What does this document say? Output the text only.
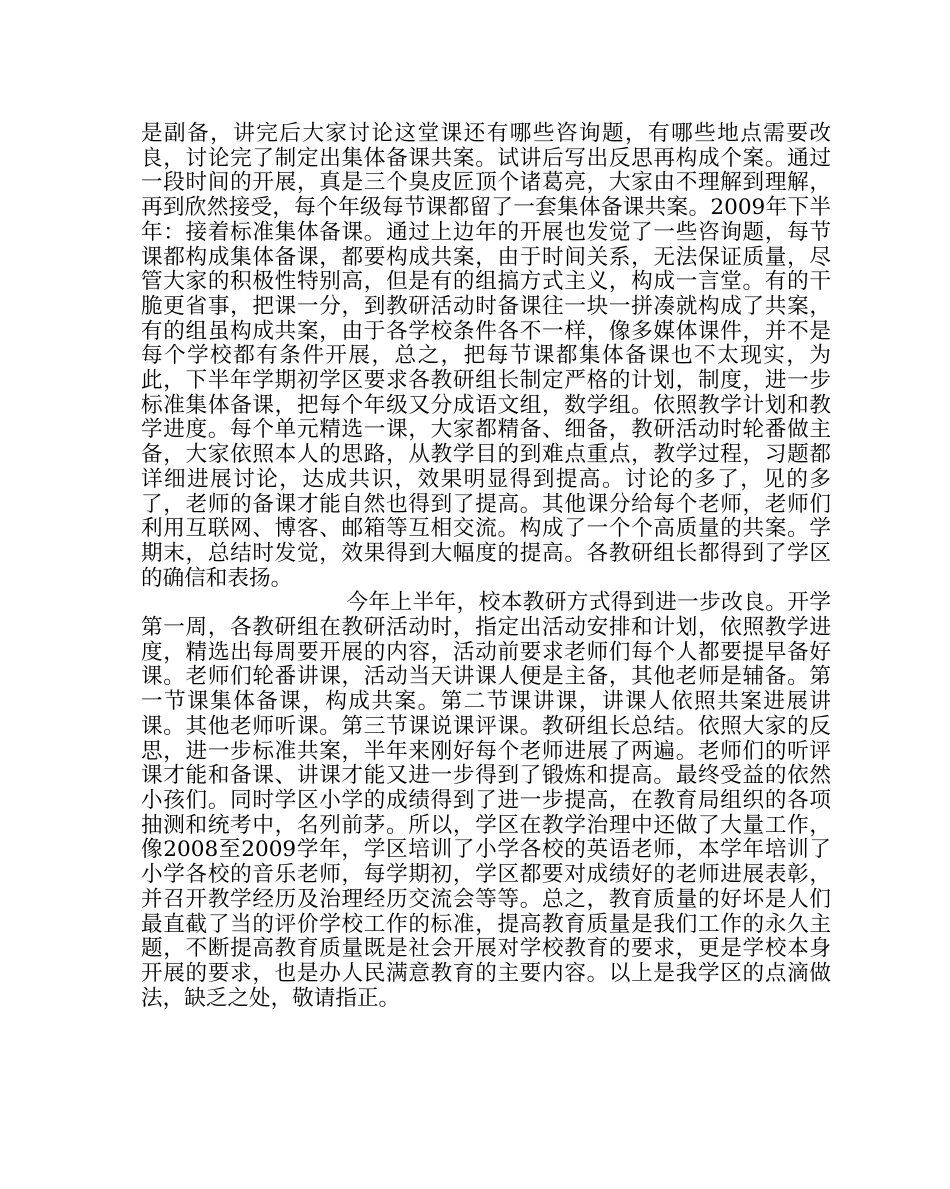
是副备，讲完后大家讨论这堂课还有哪些咨询题，有哪些地点需要改良，讨论完了制定出集体备课共案。试讲后写出反思再构成个案。通过一段时间的开展，真是三个臭皮匠顶个诸葛亮，大家由不理解到理解，再到欣然接受，每个年级每节课都留了一套集体备课共案。2009年下半年：接着标准集体备课。通过上边年的开展也发觉了一些咨询题，每节课都构成集体备课，都要构成共案，由于时间关系，无法保证质量，尽管大家的积极性特别高，但是有的组搞方式主义，构成一言堂。有的干脆更省事，把课一分，到教研活动时备课往一块一拼凑就构成了共案，有的组虽构成共案，由于各学校条件各不一样，像多媒体课件，并不是每个学校都有条件开展，总之，把每节课都集体备课也不太现实，为此，下半年学期初学区要求各教研组长制定严格的计划，制度，进一步标准集体备课，把每个年级又分成语文组，数学组。依照教学计划和教学进度。每个单元精选一课，大家都精备、细备，教研活动时轮番做主备，大家依照本人的思路，从教学目的到难点重点，教学过程，习题都详细进展讨论，达成共识，效果明显得到提高。讨论的多了，见的多了，老师的备课才能自然也得到了提高。其他课分给每个老师，老师们利用互联网、博客、邮箱等互相交流。构成了一个个高质量的共案。学期末，总结时发觉，效果得到大幅度的提高。各教研组长都得到了学区的确信和表扬。

今年上半年，校本教研方式得到进一步改良。开学第一周，各教研组在教研活动时，指定出活动安排和计划，依照教学进度，精选出每周要开展的内容，活动前要求老师们每个人都要提早备好课。老师们轮番讲课，活动当天讲课人便是主备，其他老师是辅备。第一节课集体备课，构成共案。第二节课讲课，讲课人依照共案进展讲课。其他老师听课。第三节课说课评课。教研组长总结。依照大家的反思，进一步标准共案，半年来刚好每个老师进展了两遍。老师们的听评课才能和备课、讲课才能又进一步得到了锻炼和提高。最终受益的依然小孩们。同时学区小学的成绩得到了进一步提高，在教育局组织的各项抽测和统考中，名列前茅。所以，学区在教学治理中还做了大量工作，像2008至2009学年，学区培训了小学各校的英语老师，本学年培训了小学各校的音乐老师，每学期初，学区都要对成绩好的老师进展表彰，并召开教学经历及治理经历交流会等等。总之，教育质量的好坏是人们最直截了当的评价学校工作的标准，提高教育质量是我们工作的永久主题，不断提高教育质量既是社会开展对学校教育的要求，更是学校本身开展的要求，也是办人民满意教育的主要内容。以上是我学区的点滴做法，缺乏之处，敬请指正。
